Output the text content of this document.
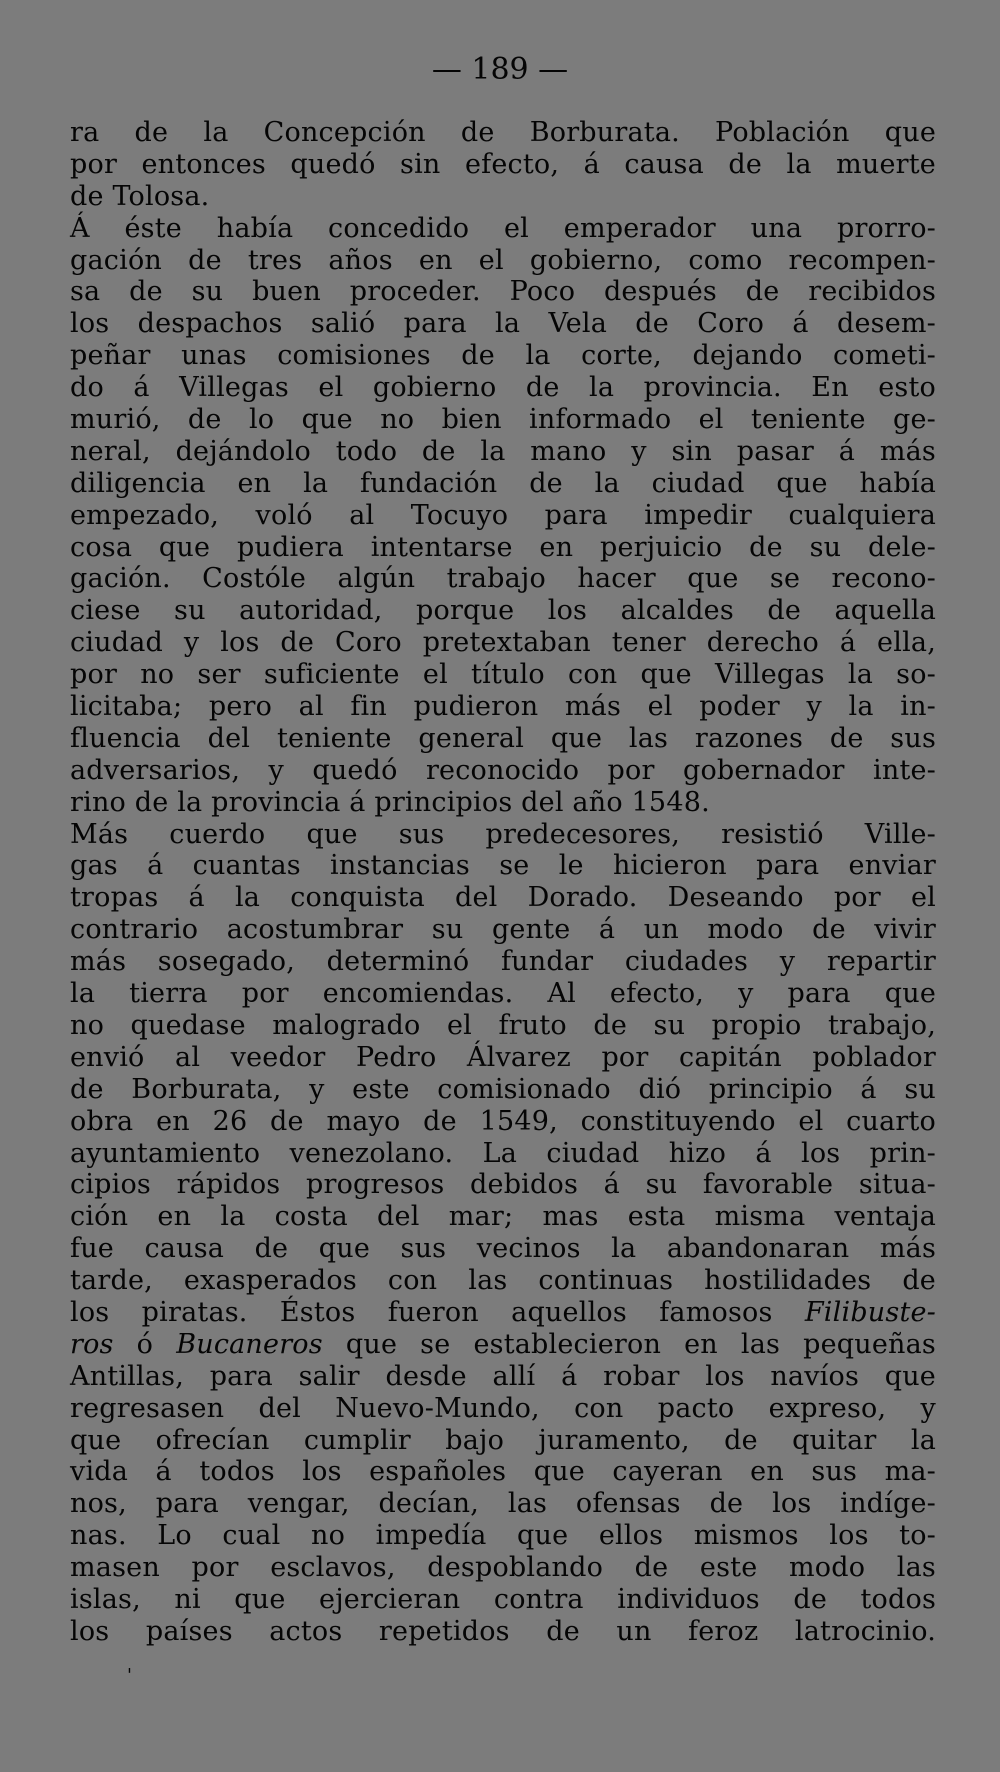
— 189 —
ra de la Concepción de Borburata. Población que
por entonces quedó sin efecto, á causa de la muerte
de Tolosa.
Á éste había concedido el emperador una prorro-
gación de tres años en el gobierno, como recompen-
sa de su buen proceder. Poco después de recibidos
los despachos salió para la Vela de Coro á desem-
peñar unas comisiones de la corte, dejando cometi-
do á Villegas el gobierno de la provincia. En esto
murió, de lo que no bien informado el teniente ge-
neral, dejándolo todo de la mano y sin pasar á más
diligencia en la fundación de la ciudad que había
empezado, voló al Tocuyo para impedir cualquiera
cosa que pudiera intentarse en perjuicio de su dele-
gación. Costóle algún trabajo hacer que se recono-
ciese su autoridad, porque los alcaldes de aquella
ciudad y los de Coro pretextaban tener derecho á ella,
por no ser suficiente el título con que Villegas la so-
licitaba; pero al fin pudieron más el poder y la in-
fluencia del teniente general que las razones de sus
adversarios, y quedó reconocido por gobernador inte-
rino de la provincia á principios del año 1548.
Más cuerdo que sus predecesores, resistió Ville-
gas á cuantas instancias se le hicieron para enviar
tropas á la conquista del Dorado. Deseando por el
contrario acostumbrar su gente á un modo de vivir
más sosegado, determinó fundar ciudades y repartir
la tierra por encomiendas. Al efecto, y para que
no quedase malogrado el fruto de su propio trabajo,
envió al veedor Pedro Álvarez por capitán poblador
de Borburata, y este comisionado dió principio á su
obra en 26 de mayo de 1549, constituyendo el cuarto
ayuntamiento venezolano. La ciudad hizo á los prin-
cipios rápidos progresos debidos á su favorable situa-
ción en la costa del mar; mas esta misma ventaja
fue causa de que sus vecinos la abandonaran más
tarde, exasperados con las continuas hostilidades de
los piratas. Éstos fueron aquellos famosos Filibuste-
ros ó Bucaneros que se establecieron en las pequeñas
Antillas, para salir desde allí á robar los navíos que
regresasen del Nuevo-Mundo, con pacto expreso, y
que ofrecían cumplir bajo juramento, de quitar la
vida á todos los españoles que cayeran en sus ma-
nos, para vengar, decían, las ofensas de los indíge-
nas. Lo cual no impedía que ellos mismos los to-
masen por esclavos, despoblando de este modo las
islas, ni que ejercieran contra individuos de todos
los países actos repetidos de un feroz latrocinio.
'
